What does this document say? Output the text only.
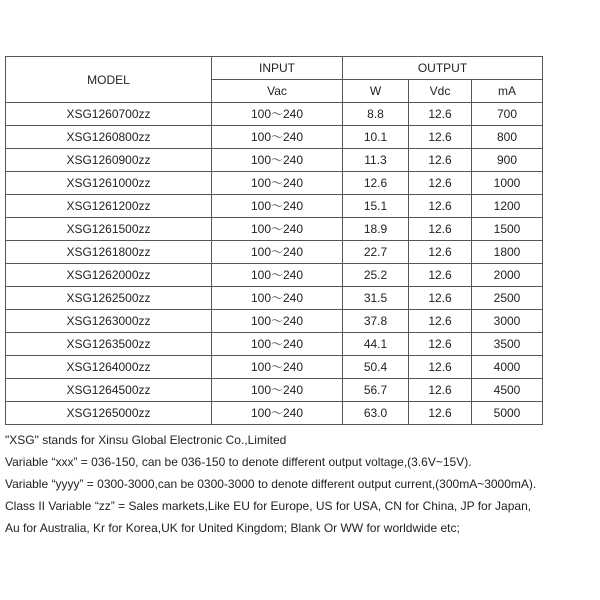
MODEL	INPUT	OUTPUT		
	Vac	W	Vdc	mA
XSG1260700zz	100～240	8.8	12.6	700
XSG1260800zz	100～240	10.1	12.6	800
XSG1260900zz	100～240	11.3	12.6	900
XSG1261000zz	100～240	12.6	12.6	1000
XSG1261200zz	100～240	15.1	12.6	1200
XSG1261500zz	100～240	18.9	12.6	1500
XSG1261800zz	100～240	22.7	12.6	1800
XSG1262000zz	100～240	25.2	12.6	2000
XSG1262500zz	100～240	31.5	12.6	2500
XSG1263000zz	100～240	37.8	12.6	3000
XSG1263500zz	100～240	44.1	12.6	3500
XSG1264000zz	100～240	50.4	12.6	4000
XSG1264500zz	100～240	56.7	12.6	4500
XSG1265000zz	100～240	63.0	12.6	5000
"XSG" stands for Xinsu Global Electronic Co.,Limited
Variable “xxx” = 036-150, can be 036-150 to denote different output voltage,(3.6V~15V).
Variable “yyyy” = 0300-3000,can be 0300-3000 to denote different output current,(300mA~3000mA).
Class II Variable “zz” = Sales markets,Like EU for Europe, US for USA, CN for China, JP for Japan,
Au for Australia, Kr for Korea,UK for United Kingdom; Blank Or WW for worldwide etc;
